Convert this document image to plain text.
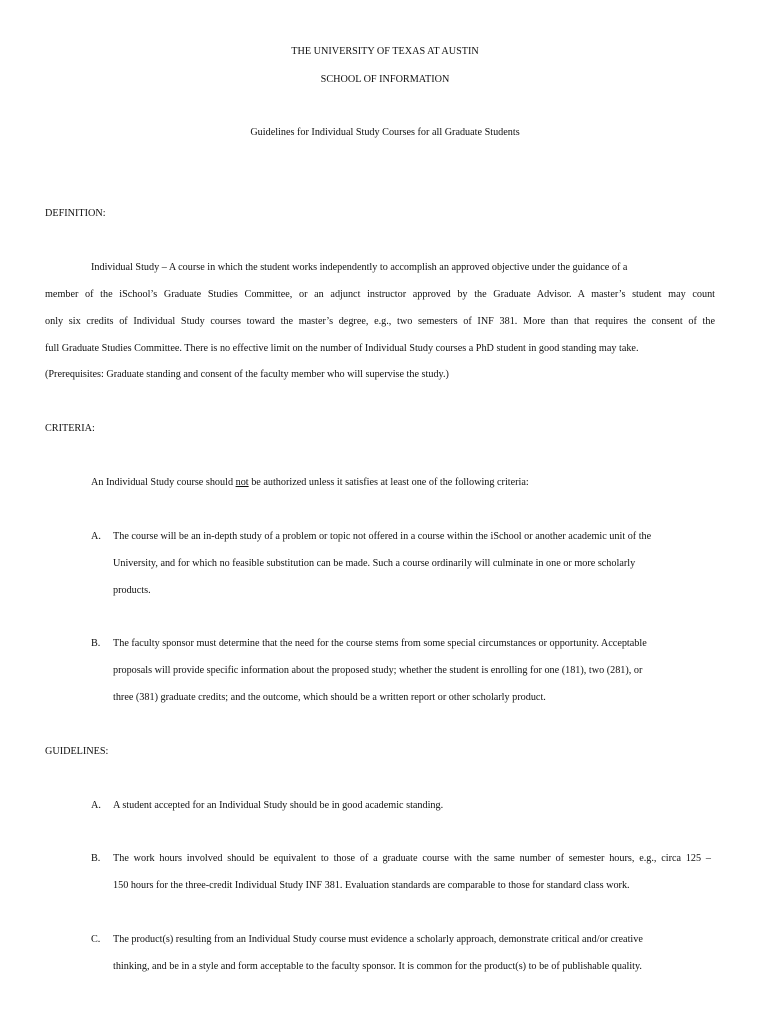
THE UNIVERSITY OF TEXAS AT AUSTIN
SCHOOL OF INFORMATION
Guidelines for Individual Study Courses for all Graduate Students
DEFINITION:
Individual Study – A course in which the student works independently to accomplish an approved objective under the guidance of a
member of the iSchool’s Graduate Studies Committee, or an adjunct instructor approved by the Graduate Advisor. A master’s student may count
only six credits of Individual Study courses toward the master’s degree, e.g., two semesters of INF 381. More than that requires the consent of the
full Graduate Studies Committee. There is no effective limit on the number of Individual Study courses a PhD student in good standing may take.
(Prerequisites: Graduate standing and consent of the faculty member who will supervise the study.)
CRITERIA:
An Individual Study course should not be authorized unless it satisfies at least one of the following criteria:
A. The course will be an in-depth study of a problem or topic not offered in a course within the iSchool or another academic unit of the
University, and for which no feasible substitution can be made. Such a course ordinarily will culminate in one or more scholarly
products.
B. The faculty sponsor must determine that the need for the course stems from some special circumstances or opportunity. Acceptable
proposals will provide specific information about the proposed study; whether the student is enrolling for one (181), two (281), or
three (381) graduate credits; and the outcome, which should be a written report or other scholarly product.
GUIDELINES:
A. A student accepted for an Individual Study should be in good academic standing.
B. The work hours involved should be equivalent to those of a graduate course with the same number of semester hours, e.g., circa 125 –
150 hours for the three-credit Individual Study INF 381. Evaluation standards are comparable to those for standard class work.
C. The product(s) resulting from an Individual Study course must evidence a scholarly approach, demonstrate critical and/or creative
thinking, and be in a style and form acceptable to the faculty sponsor. It is common for the product(s) to be of publishable quality.
